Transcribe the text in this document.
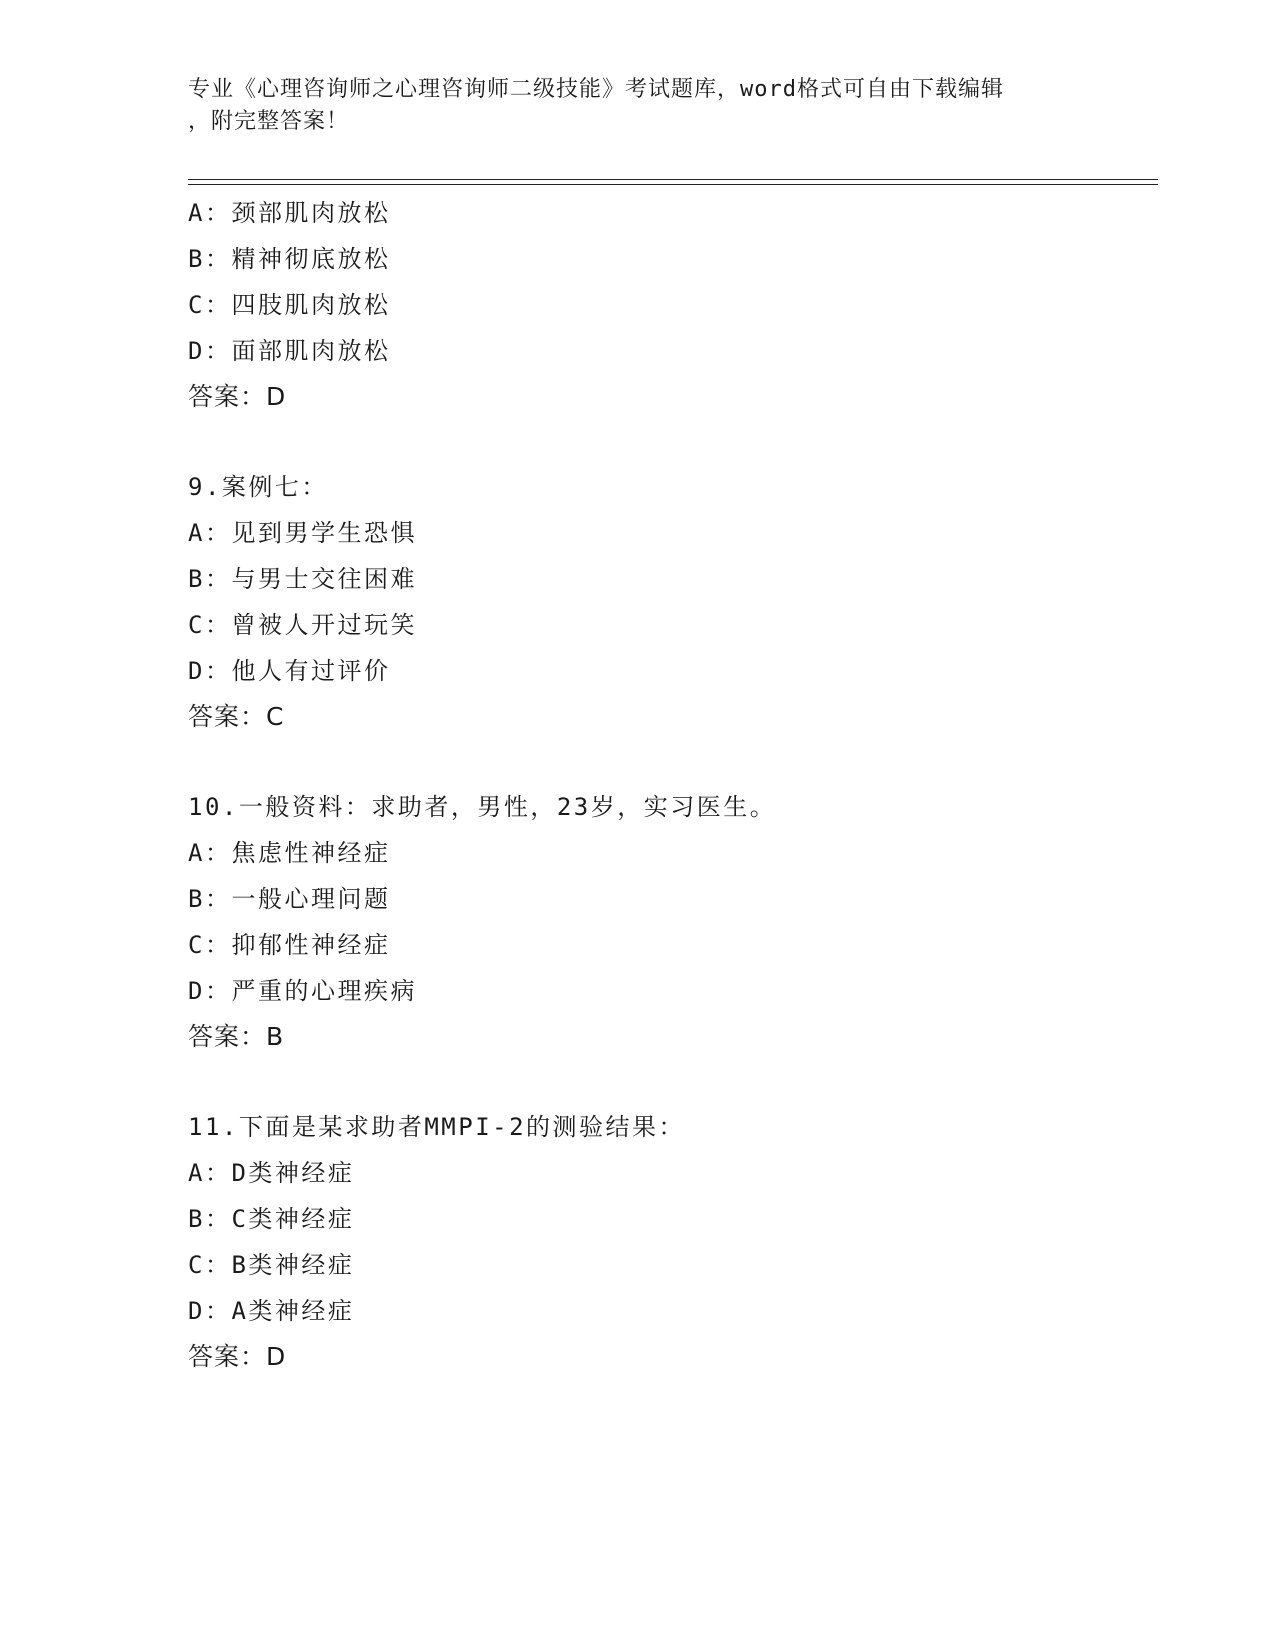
专业《心理咨询师之心理咨询师二级技能》考试题库，word格式可自由下载编辑
，附完整答案！
A：颈部肌肉放松
B：精神彻底放松
C：四肢肌肉放松
D：面部肌肉放松
答案：D
9.案例七：
A：见到男学生恐惧
B：与男士交往困难
C：曾被人开过玩笑
D：他人有过评价
答案：C
10.一般资料：求助者，男性，23岁，实习医生。
A：焦虑性神经症
B：一般心理问题
C：抑郁性神经症
D：严重的心理疾病
答案：B
11.下面是某求助者MMPI-2的测验结果：
A：D类神经症
B：C类神经症
C：B类神经症
D：A类神经症
答案：D
